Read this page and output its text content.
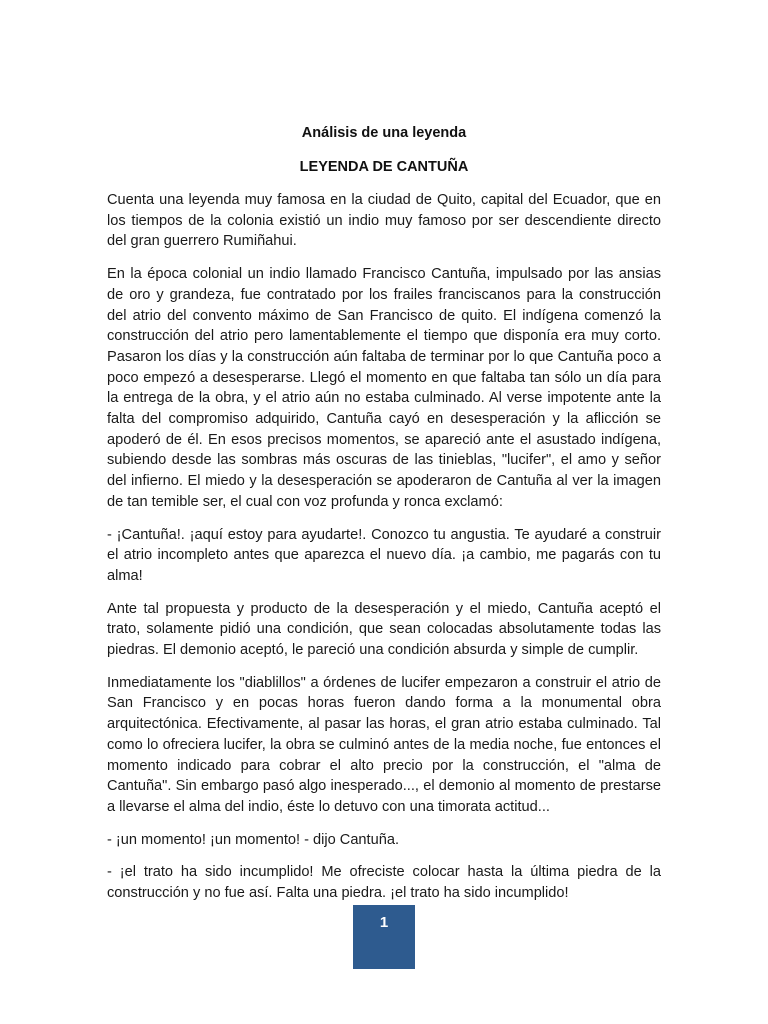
Análisis de una leyenda
LEYENDA DE CANTUÑA

Cuenta una leyenda muy famosa en la ciudad de Quito, capital del Ecuador, que en los tiempos de la colonia existió un indio muy famoso por ser descendiente directo del gran guerrero Rumiñahui.

En la época colonial un indio llamado Francisco Cantuña, impulsado por las ansias de oro y grandeza, fue contratado por los frailes franciscanos para la construcción del atrio del convento máximo de San Francisco de quito. El indígena comenzó la construcción del atrio pero lamentablemente el tiempo que disponía era muy corto. Pasaron los días y la construcción aún faltaba de terminar por lo que Cantuña poco a poco empezó a desesperarse. Llegó el momento en que faltaba tan sólo un día para la entrega de la obra, y el atrio aún no estaba culminado. Al verse impotente ante la falta del compromiso adquirido, Cantuña cayó en desesperación y la aflicción se apoderó de él. En esos precisos momentos, se apareció ante el asustado indígena, subiendo desde las sombras más oscuras de las tinieblas, "lucifer", el amo y señor del infierno. El miedo y la desesperación se apoderaron de Cantuña al ver la imagen de tan temible ser, el cual con voz profunda y ronca exclamó:

- ¡Cantuña!. ¡aquí estoy para ayudarte!. Conozco tu angustia. Te ayudaré a construir el atrio incompleto antes que aparezca el nuevo día. ¡a cambio, me pagarás con tu alma!

Ante tal propuesta y producto de la desesperación y el miedo, Cantuña aceptó el trato, solamente pidió una condición, que sean colocadas absolutamente todas las piedras. El demonio aceptó, le pareció una condición absurda y simple de cumplir.

Inmediatamente los "diablillos" a órdenes de lucifer empezaron a construir el atrio de San Francisco y en pocas horas fueron dando forma a la monumental obra arquitectónica. Efectivamente, al pasar las horas, el gran atrio estaba culminado. Tal como lo ofreciera lucifer, la obra se culminó antes de la media noche, fue entonces el momento indicado para cobrar el alto precio por la construcción, el "alma de Cantuña". Sin embargo pasó algo inesperado..., el demonio al momento de prestarse a llevarse el alma del indio, éste lo detuvo con una timorata actitud...

- ¡un momento! ¡un momento! - dijo Cantuña.

- ¡el trato ha sido incumplido! Me ofreciste colocar hasta la última piedra de la construcción y no fue así. Falta una piedra. ¡el trato ha sido incumplido!

1
